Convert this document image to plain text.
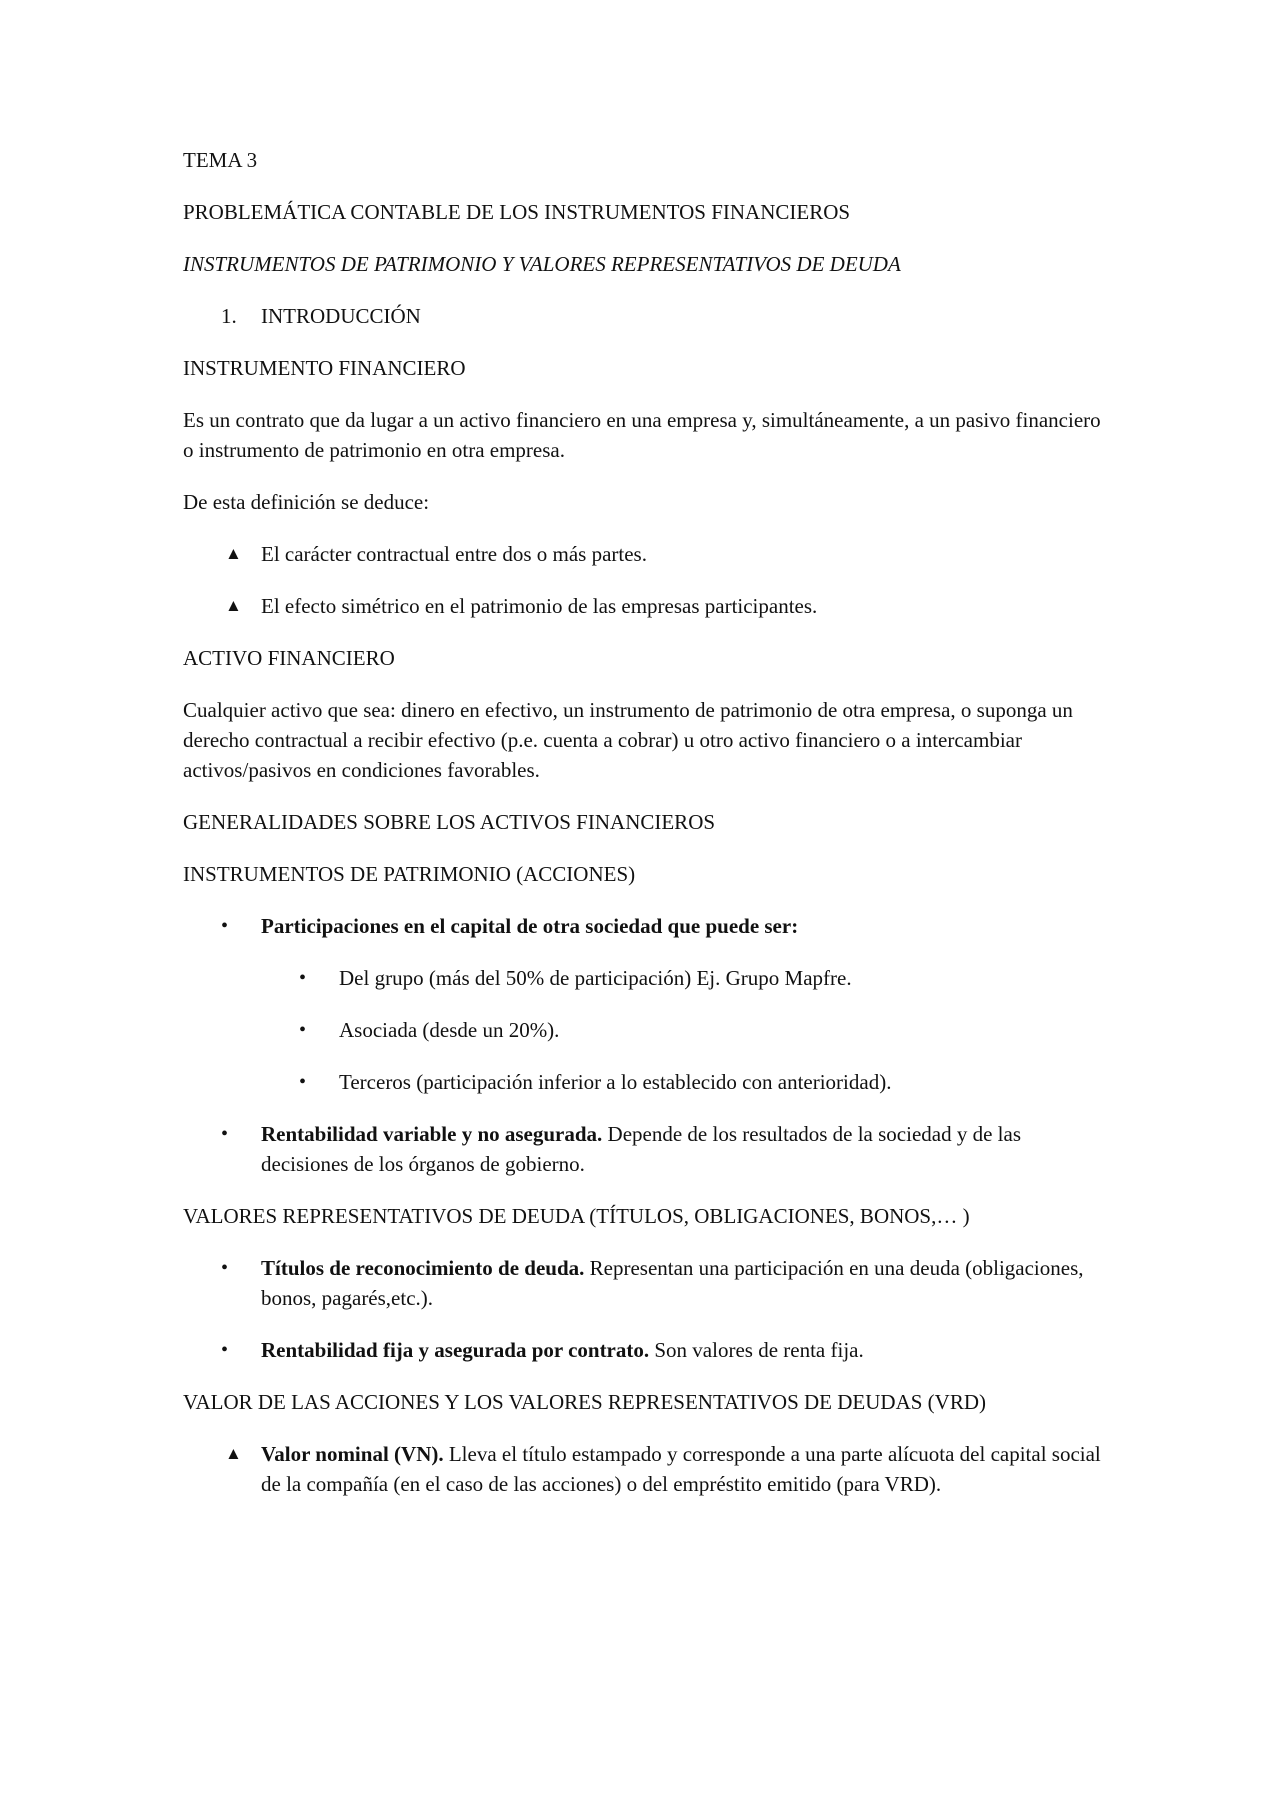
TEMA 3

PROBLEMÁTICA CONTABLE DE LOS INSTRUMENTOS FINANCIEROS

INSTRUMENTOS DE PATRIMONIO Y VALORES REPRESENTATIVOS DE DEUDA

1.	INTRODUCCIÓN

INSTRUMENTO FINANCIERO

Es un contrato que da lugar a un activo financiero en una empresa y, simultáneamente, a un pasivo financiero o instrumento de patrimonio en otra empresa.

De esta definición se deduce:

▲ El carácter contractual entre dos o más partes.
▲ El efecto simétrico en el patrimonio de las empresas participantes.

ACTIVO FINANCIERO

Cualquier activo que sea: dinero en efectivo, un instrumento de patrimonio de otra empresa, o suponga un derecho contractual a recibir efectivo (p.e. cuenta a cobrar) u otro activo financiero o a intercambiar activos/pasivos en condiciones favorables.

GENERALIDADES SOBRE LOS ACTIVOS FINANCIEROS

INSTRUMENTOS DE PATRIMONIO (ACCIONES)

•	Participaciones en el capital de otra sociedad que puede ser:
•	Del grupo (más del 50% de participación) Ej. Grupo Mapfre.
•	Asociada (desde un 20%).
•	Terceros (participación inferior a lo establecido con anterioridad).
•	Rentabilidad variable y no asegurada. Depende de los resultados de la sociedad y de las decisiones de los órganos de gobierno.

VALORES REPRESENTATIVOS DE DEUDA (TÍTULOS, OBLIGACIONES, BONOS,… )

•	Títulos de reconocimiento de deuda. Representan una participación en una deuda (obligaciones, bonos, pagarés,etc.).
•	Rentabilidad fija y asegurada por contrato. Son valores de renta fija.

VALOR DE LAS ACCIONES Y LOS VALORES REPRESENTATIVOS DE DEUDAS (VRD)

▲ Valor nominal (VN). Lleva el título estampado y corresponde a una parte alícuota del capital social de la compañía (en el caso de las acciones) o del empréstito emitido (para VRD).
